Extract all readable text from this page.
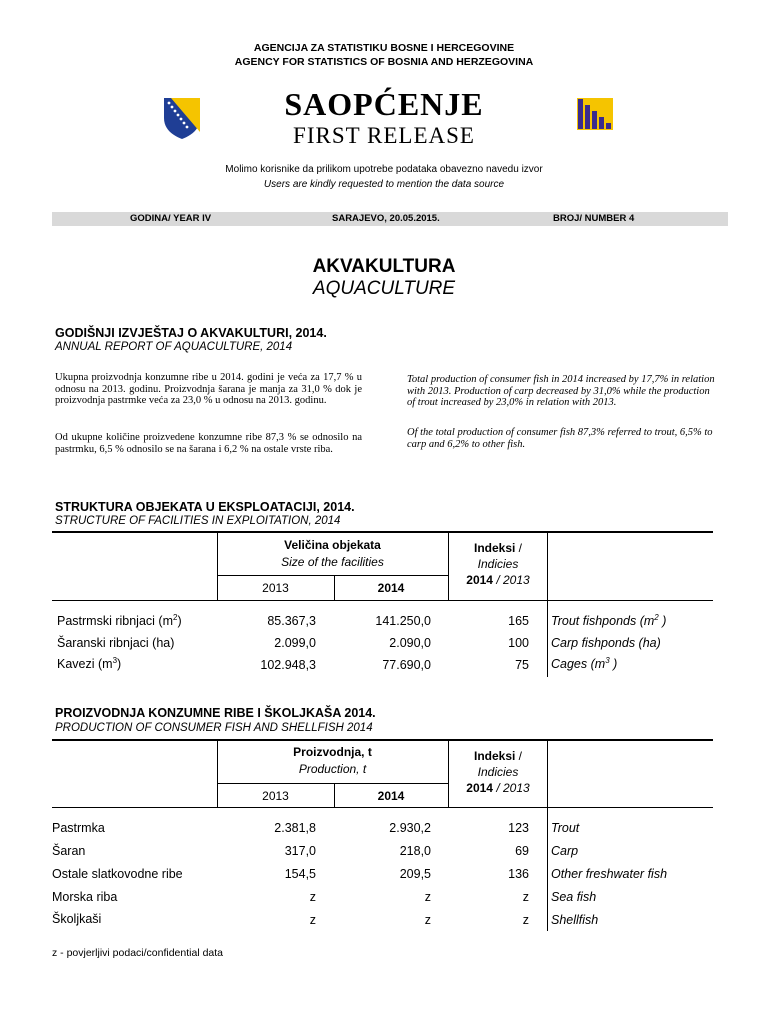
AGENCIJA ZA STATISTIKU BOSNE I HERCEGOVINE
AGENCY FOR STATISTICS OF BOSNIA AND HERZEGOVINA
SAOPĆENJE
FIRST RELEASE
Molimo korisnike da prilikom upotrebe podataka obavezno navedu izvor
Users are kindly requested to mention the data source
GODINA/ YEAR IV	SARAJEVO, 20.05.2015.	BROJ/ NUMBER 4
AKVAKULTURA
AQUACULTURE
GODIŠNJI IZVJEŠTAJ O AKVAKULTURI, 2014.
ANNUAL REPORT OF AQUACULTURE, 2014
Ukupna proizvodnja konzumne ribe u 2014. godini je veća za 17,7 % u odnosu na 2013. godinu. Proizvodnja šarana je manja za 31,0 % dok je proizvodnja pastrmke veća za 23,0 % u odnosu na 2013. godinu.
Od ukupne količine proizvedene konzumne ribe 87,3 % se odnosilo na pastrmku, 6,5 % odnosilo se na šarana i 6,2 % na ostale vrste riba.
Total production of consumer fish in 2014 increased by 17,7% in relation with 2013. Production of carp decreased by 31,0% while the production of trout increased by 23,0% in relation with 2013.
Of the total production of consumer fish 87,3% referred to trout, 6,5% to carp and 6,2% to other fish.
STRUKTURA OBJEKATA U EKSPLOATACIJI, 2014.
STRUCTURE OF FACILITIES IN EXPLOITATION, 2014
Veličina objekata
Size of the facilities
2013	2014
Indeksi /
Indicies
2014 / 2013
Pastrmski ribnjaci $(m^2)$	85.367,3	141.250,0	165 Trout fishponds ($m^2$ )
Šaranski ribnjaci (ha)	2.099,0	2.090,0	100 Carp fishponds (ha)
Kavezi $(m^3)$	102.948,3	77.690,0	75 Cages ($m^3$ )
PROIZVODNJA KONZUMNE RIBE I ŠKOLJKAŠA 2014.
PRODUCTION OF CONSUMER FISH AND SHELLFISH 2014
Proizvodnja, t
Production, t
2013	2014
Indeksi /
Indicies
2014 / 2013
Pastrmka	2.381,8	2.930,2	123 Trout
Šaran	317,0	218,0	69 Carp
Ostale slatkovodne ribe	154,5	209,5	136 Other freshwater fish
Morska riba	z	z	z Sea fish
Školjkaši	z	z	z Shellfish
z - povjerljivi podaci/confidential data
